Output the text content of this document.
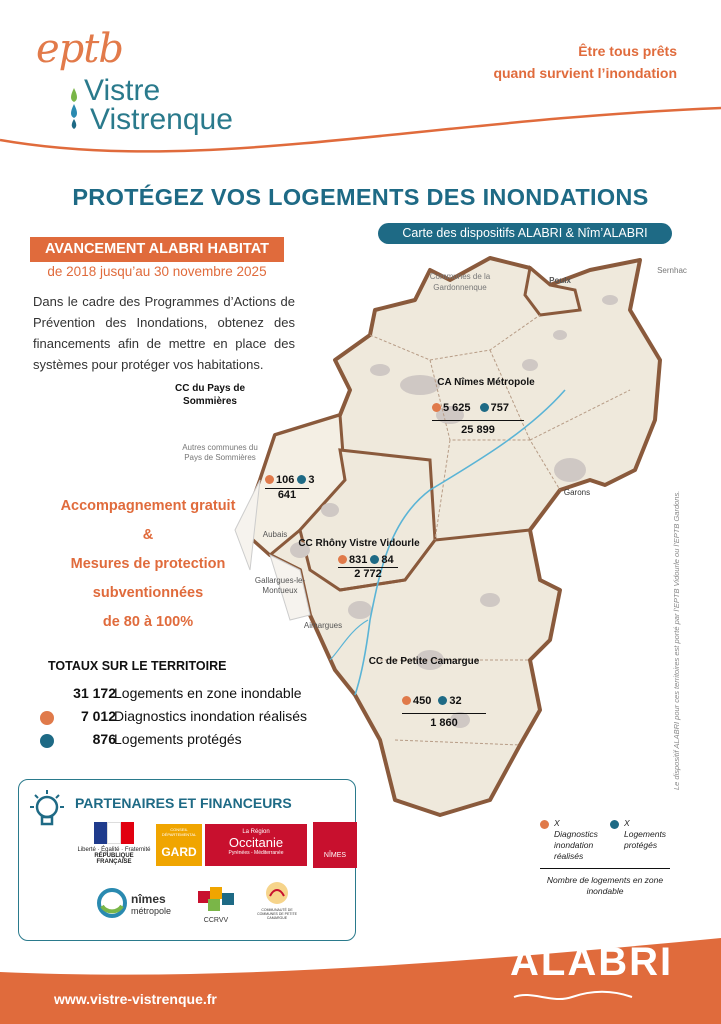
eptb
Vistre
Vistrenque
Être tous prêts
quand survient l’inondation
PROTÉGEZ VOS LOGEMENTS DES INONDATIONS
Carte des dispositifs ALABRI & Nîm’ALABRI
AVANCEMENT ALABRI HABITAT
de 2018 jusqu’au 30 novembre 2025
Dans le cadre des Programmes d’Actions de Prévention des Inondations, obtenez des financements afin de mettre en place des systèmes pour protéger vos habitations.
Communes de la Gardonnenque
Poulx
Sernhac
CC du Pays de Sommières
Autres communes du Pays de Sommières
CA Nîmes Métropole
Garons
Aubais
Gallargues-le-Montueux
CC Rhôny Vistre Vidourle
Aimargues
CC de Petite Camargue
5 625 757
25 899
106 3
641
831 84
2 772
450 32
1 860
X Diagnostics inondation réalisés
X Logements protégés
Nombre de logements en zone inondable
Le dispositif ALABRI pour ces territoires est porté par l’EPTB Vidourle ou l’EPTB Gardons.
Accompagnement gratuit
&
Mesures de protection
subventionnées
de 80 à 100%
TOTAUX SUR LE TERRITOIRE
31 172
Logements en zone inondable
7 012
Diagnostics inondation réalisés
876
Logements protégés
PARTENAIRES ET FINANCEURS
Liberté · Égalité · Fraternité
RÉPUBLIQUE FRANÇAISE
CONSEIL DÉPARTEMENTAL
GARD
La Région
Occitanie
Pyrénées - Méditerranée	NÎMES
nîmes
métropole
CCRVV
COMMUNAUTÉ DE COMMUNES DE PETITE CAMARGUE
www.vistre-vistrenque.fr
ALABRI
